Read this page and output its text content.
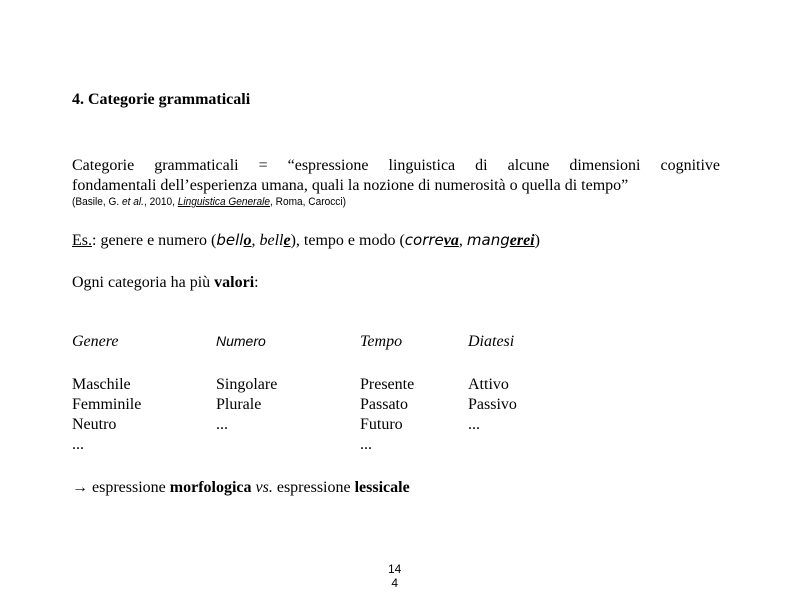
4. Categorie grammaticali
Categorie grammaticali = “espressione linguistica di alcune dimensioni cognitive
fondamentali dell’esperienza umana, quali la nozione di numerosità o quella di tempo”
(Basile, G. et al., 2010, Linguistica Generale, Roma, Carocci)
Es.: genere e numero (bello, belle), tempo e modo (correva, mangerei)
Ogni categoria ha più valori:
Genere
Maschile
Femminile
Neutro
...
Numero
Singolare
Plurale
...
Tempo
Presente
Passato
Futuro
...
Diatesi
Attivo
Passivo
...
→ espressione morfologica vs. espressione lessicale
14
4
